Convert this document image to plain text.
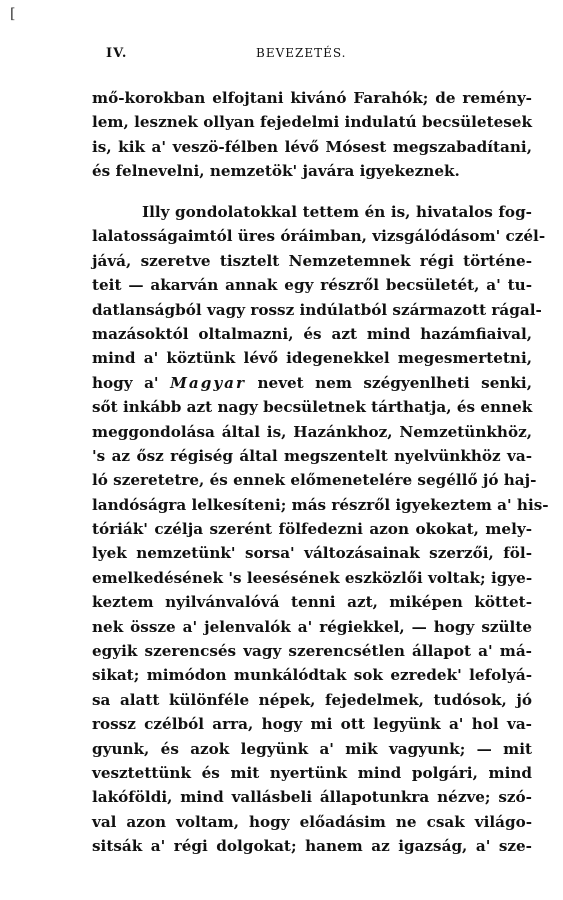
[
IV.	BEVEZETÉS.
mő-korokban elfojtani kivánó Farahók; de remény-
lem, lesznek ollyan fejedelmi indulatú becsületesek
is, kik a' veszö-félben lévő Mósest megszabadítani,
és felnevelni, nemzetök' javára igyekeznek.
Illy gondolatokkal tettem én is, hivatalos fog-
lalatosságaimtól üres óráimban, vizsgálódásom' czél-
jává, szeretve tisztelt Nemzetemnek régi történe-
teit — akarván annak egy részről becsületét, a' tu-
datlanságból vagy rossz indúlatból származott rágal-
mazásoktól oltalmazni, és azt mind hazámfiaival,
mind a' köztünk lévő idegenekkel megesmertetni,
hogy a' Magyar nevet nem szégyenlheti senki,
sőt inkább azt nagy becsületnek tárthatja, és ennek
meggondolása által is, Hazánkhoz, Nemzetünkhöz,
's az ősz régiség által megszentelt nyelvünkhöz va-
ló szeretetre, és ennek előmenetelére segéllő jó haj-
landóságra lelkesíteni; más részről igyekeztem a' his-
tóriák' czélja szerént fölfedezni azon okokat, mely-
lyek nemzetünk' sorsa' változásainak szerzői, föl-
emelkedésének 's leesésének eszközlői voltak; igye-
keztem nyilvánvalóvá tenni azt, miképen köttet-
nek össze a' jelenvalók a' régiekkel, — hogy szülte
egyik szerencsés vagy szerencsétlen állapot a' má-
sikat; mimódon munkálódtak sok ezredek' lefolyá-
sa alatt különféle népek, fejedelmek, tudósok, jó
rossz czélból arra, hogy mi ott legyünk a' hol va-
gyunk, és azok legyünk a' mik vagyunk; — mit
vesztettünk és mit nyertünk mind polgári, mind
lakóföldi, mind vallásbeli állapotunkra nézve; szó-
val azon voltam, hogy előadásim ne csak világo-
sitsák a' régi dolgokat; hanem az igazság, a' sze-
